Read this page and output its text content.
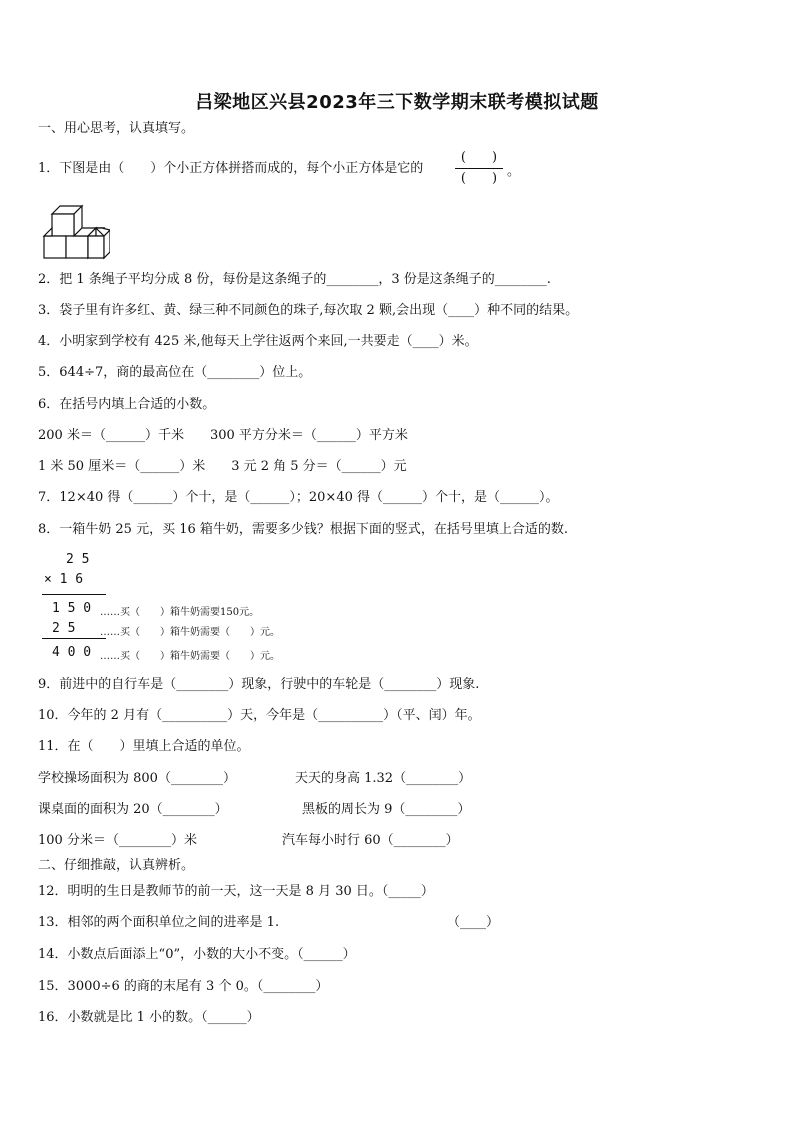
吕梁地区兴县2023年三下数学期末联考模拟试题
一、用心思考，认真填写。
1．下图是由（　　）个小正方体拼搭而成的，每个小正方体是它的
(　　)
(　　) 。
2．把 1 条绳子平均分成 8 份，每份是这条绳子的________，3 份是这条绳子的________.
3．袋子里有许多红、黄、绿三种不同颜色的珠子,每次取 2 颗,会出现（____）种不同的结果。
4．小明家到学校有 425 米,他每天上学往返两个来回,一共要走（____）米。
5．644÷7，商的最高位在（________）位上。
6．在括号内填上合适的小数。
200 米＝（______）千米　　300 平方分米＝（______）平方米
1 米 50 厘米＝（______）米　　3 元 2 角 5 分＝（______）元
7．12×40 得（______）个十，是（______）；20×40 得（______）个十，是（______）。
8．一箱牛奶 25 元，买 16 箱牛奶，需要多少钱？根据下面的竖式，在括号里填上合适的数.
2 5
× 1 6
1 5 0 ……买（　　）箱牛奶需要150元。
2 5 ……买（　　）箱牛奶需要（　　）元。
4 0 0 ……买（　　）箱牛奶需要（　　）元。
9．前进中的自行车是（________）现象，行驶中的车轮是（________）现象.
10．今年的 2 月有（__________）天，今年是（__________）（平、闰）年。
11．在（　　）里填上合适的单位。
学校操场面积为 800（________）	天天的身高 1.32（________）
课桌面的面积为 20（________）	黑板的周长为 9（________）
100 分米＝（________）米	汽车每小时行 60（________）
二、仔细推敲，认真辨析。
12．明明的生日是教师节的前一天，这一天是 8 月 30 日。（_____）
13．相邻的两个面积单位之间的进率是 1.	（____）
14．小数点后面添上“0”，小数的大小不变。（______）
15．3000÷6 的商的末尾有 3 个 0。（________）
16．小数就是比 1 小的数。（______）
